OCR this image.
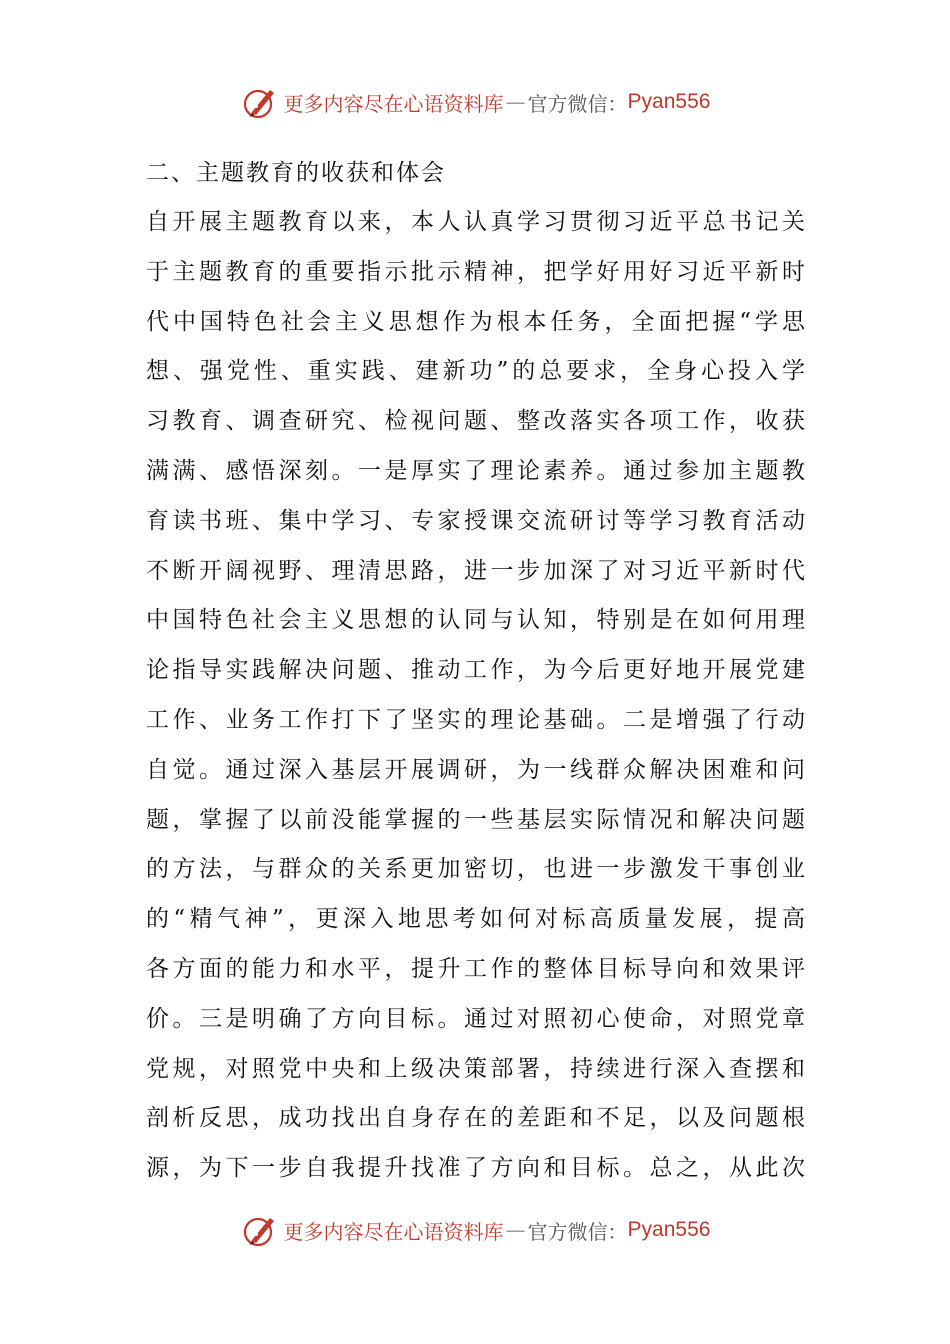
更多内容尽在心语资料库 — 官方微信： Pyan556
二、主题教育的收获和体会
自开展主题教育以来，本人认真学习贯彻习近平总书记关
于主题教育的重要指示批示精神，把学好用好习近平新时
代中国特色社会主义思想作为根本任务，全面把握“学思
想、强党性、重实践、建新功”的总要求，全身心投入学
习教育、调查研究、检视问题、整改落实各项工作，收获
满满、感悟深刻。一是厚实了理论素养。通过参加主题教
育读书班、集中学习、专家授课交流研讨等学习教育活动
不断开阔视野、理清思路，进一步加深了对习近平新时代
中国特色社会主义思想的认同与认知，特别是在如何用理
论指导实践解决问题、推动工作，为今后更好地开展党建
工作、业务工作打下了坚实的理论基础。二是增强了行动
自觉。通过深入基层开展调研，为一线群众解决困难和问
题，掌握了以前没能掌握的一些基层实际情况和解决问题
的方法，与群众的关系更加密切，也进一步激发干事创业
的“精气神”，更深入地思考如何对标高质量发展，提高
各方面的能力和水平，提升工作的整体目标导向和效果评
价。三是明确了方向目标。通过对照初心使命，对照党章
党规，对照党中央和上级决策部署，持续进行深入查摆和
剖析反思，成功找出自身存在的差距和不足，以及问题根
源，为下一步自我提升找准了方向和目标。总之，从此次
更多内容尽在心语资料库 — 官方微信： Pyan556
